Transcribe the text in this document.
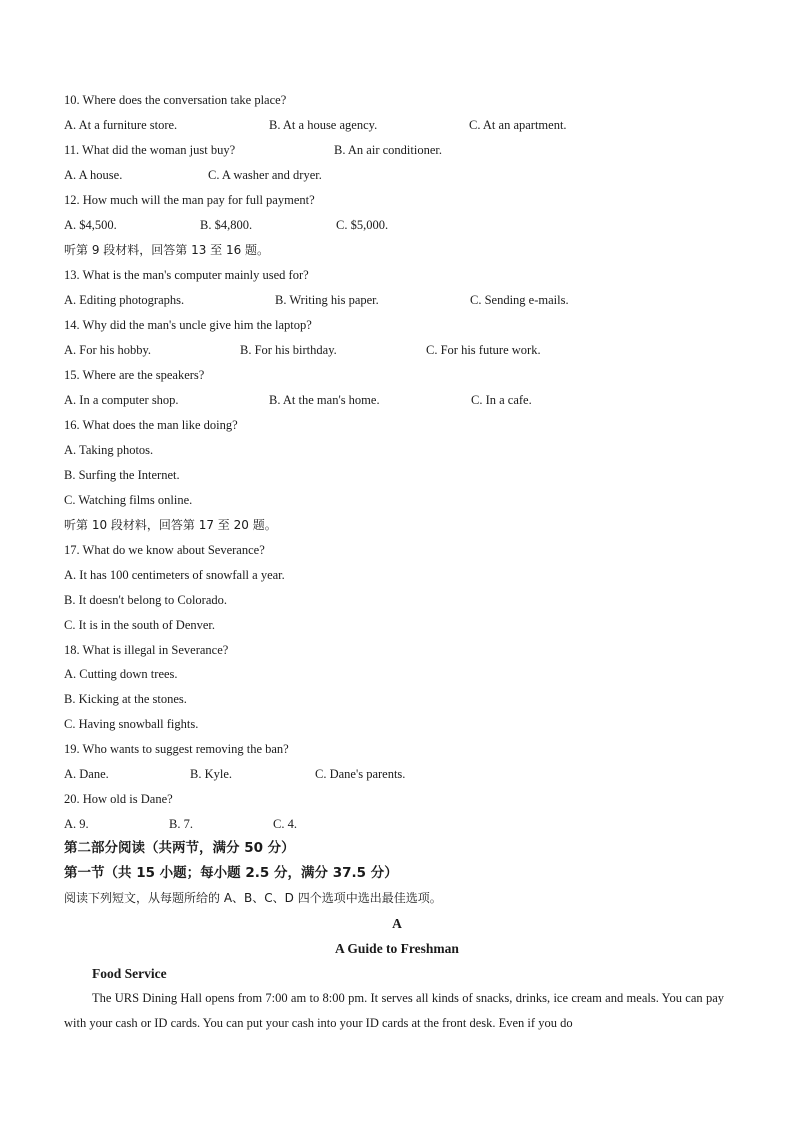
10. Where does the conversation take place?
A. At a furniture store.	B. At a house agency.	C. At an apartment.
11. What did the woman just buy?	B. An air conditioner.
A. A house.	C. A washer and dryer.
12. How much will the man pay for full payment?
A. $4,500.	B. $4,800.	C. $5,000.
听第 9 段材料，回答第 13 至 16 题。
13. What is the man's computer mainly used for?
A. Editing photographs.	B. Writing his paper.	C. Sending e-mails.
14. Why did the man's uncle give him the laptop?
A. For his hobby.	B. For his birthday.	C. For his future work.
15. Where are the speakers?
A. In a computer shop.	B. At the man's home.	C. In a cafe.
16. What does the man like doing?
A. Taking photos.
B. Surfing the Internet.
C. Watching films online.
听第 10 段材料，回答第 17 至 20 题。
17. What do we know about Severance?
A. It has 100 centimeters of snowfall a year.
B. It doesn't belong to Colorado.
C. It is in the south of Denver.
18. What is illegal in Severance?
A. Cutting down trees.
B. Kicking at the stones.
C. Having snowball fights.
19. Who wants to suggest removing the ban?
A. Dane.	B. Kyle.	C. Dane's parents.
20. How old is Dane?
A. 9.	B. 7.	C. 4.
第二部分阅读（共两节，满分 50 分）
第一节（共 15 小题；每小题 2.5 分，满分 37.5 分）
阅读下列短文，从每题所给的 A、B、C、D 四个选项中选出最佳选项。
A
A Guide to Freshman
Food Service
The URS Dining Hall opens from 7:00 am to 8:00 pm. It serves all kinds of snacks, drinks, ice cream and meals. You can pay with your cash or ID cards. You can put your cash into your ID cards at the front desk. Even if you do
